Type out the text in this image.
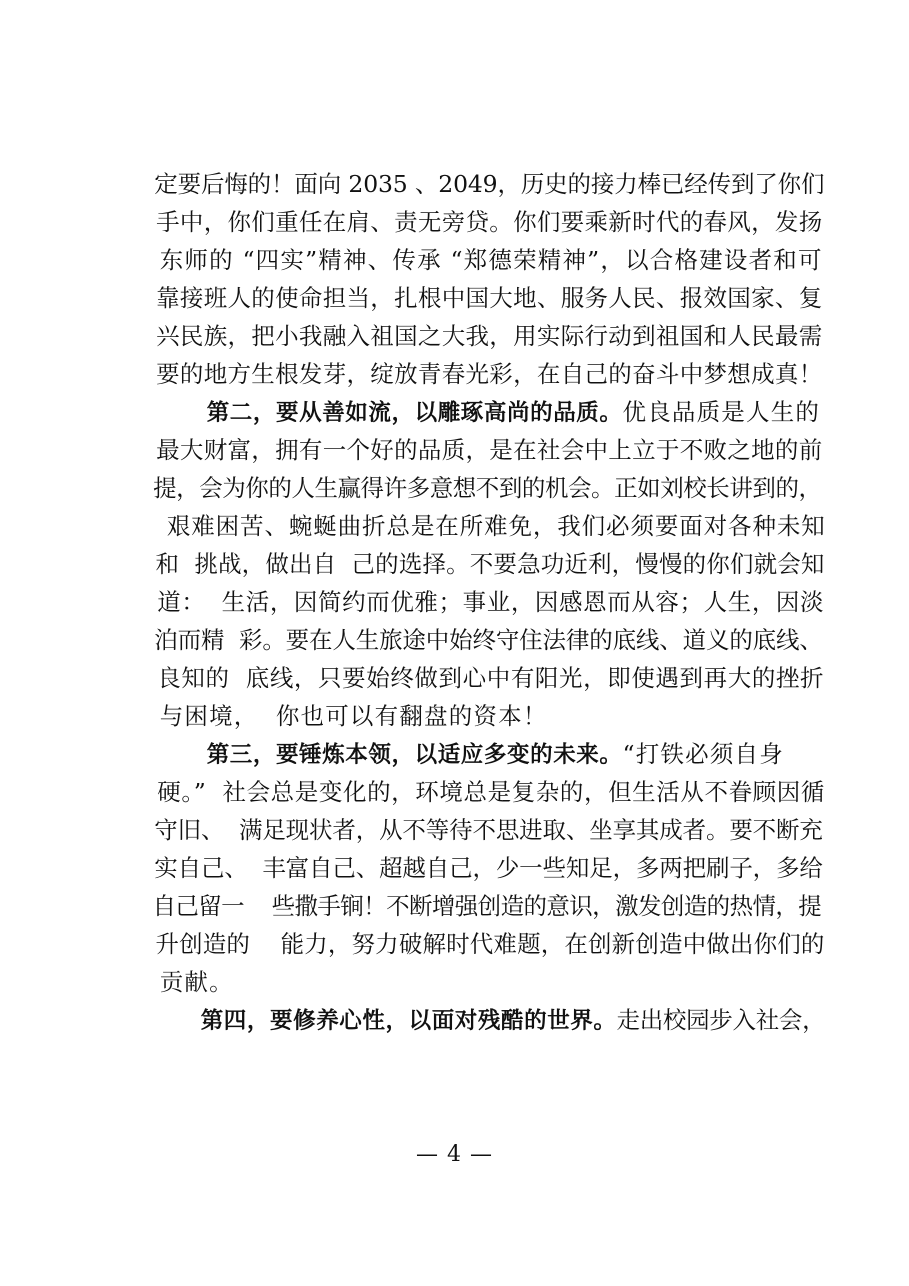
定要后悔的！面向 2035 、2049，历史的接力棒已经传到了你们

手中，你们重任在肩、责无旁贷。你们要乘新时代的春风，发扬

东师的 “四实”精神、传承 “郑德荣精神”，以合格建设者和可

靠接班人的使命担当，扎根中国大地、服务人民、报效国家、复

兴民族，把小我融入祖国之大我，用实际行动到祖国和人民最需

要的地方生根发芽，绽放青春光彩，在自己的奋斗中梦想成真！

第二，要从善如流，以雕琢高尚的品质。优良品质是人生的

最大财富，拥有一个好的品质，是在社会中上立于不败之地的前

提，会为你的人生赢得许多意想不到的机会。正如刘校长讲到的，

艰难困苦、蜿蜒曲折总是在所难免，我们必须要面对各种未知

和  挑战，做出自  己的选择。不要急功近利，慢慢的你们就会知

道：  生活，因简约而优雅；事业，因感恩而从容；人生，因淡

泊而精  彩。要在人生旅途中始终守住法律的底线、道义的底线、

良知的  底线，只要始终做到心中有阳光，即使遇到再大的挫折

与困境，  你也可以有翻盘的资本！

第三，要锤炼本领，以适应多变的未来。“打铁必须自身

硬。”  社会总是变化的，环境总是复杂的，但生活从不眷顾因循

守旧、  满足现状者，从不等待不思进取、坐享其成者。要不断充

实自己、  丰富自己、超越自己，少一些知足，多两把刷子，多给

自己留一    些撒手锏！不断增强创造的意识，激发创造的热情，提

升创造的    能力，努力破解时代难题，在创新创造中做出你们的

贡献。

第四，要修养心性，以面对残酷的世界。走出校园步入社会，

— 4 —
